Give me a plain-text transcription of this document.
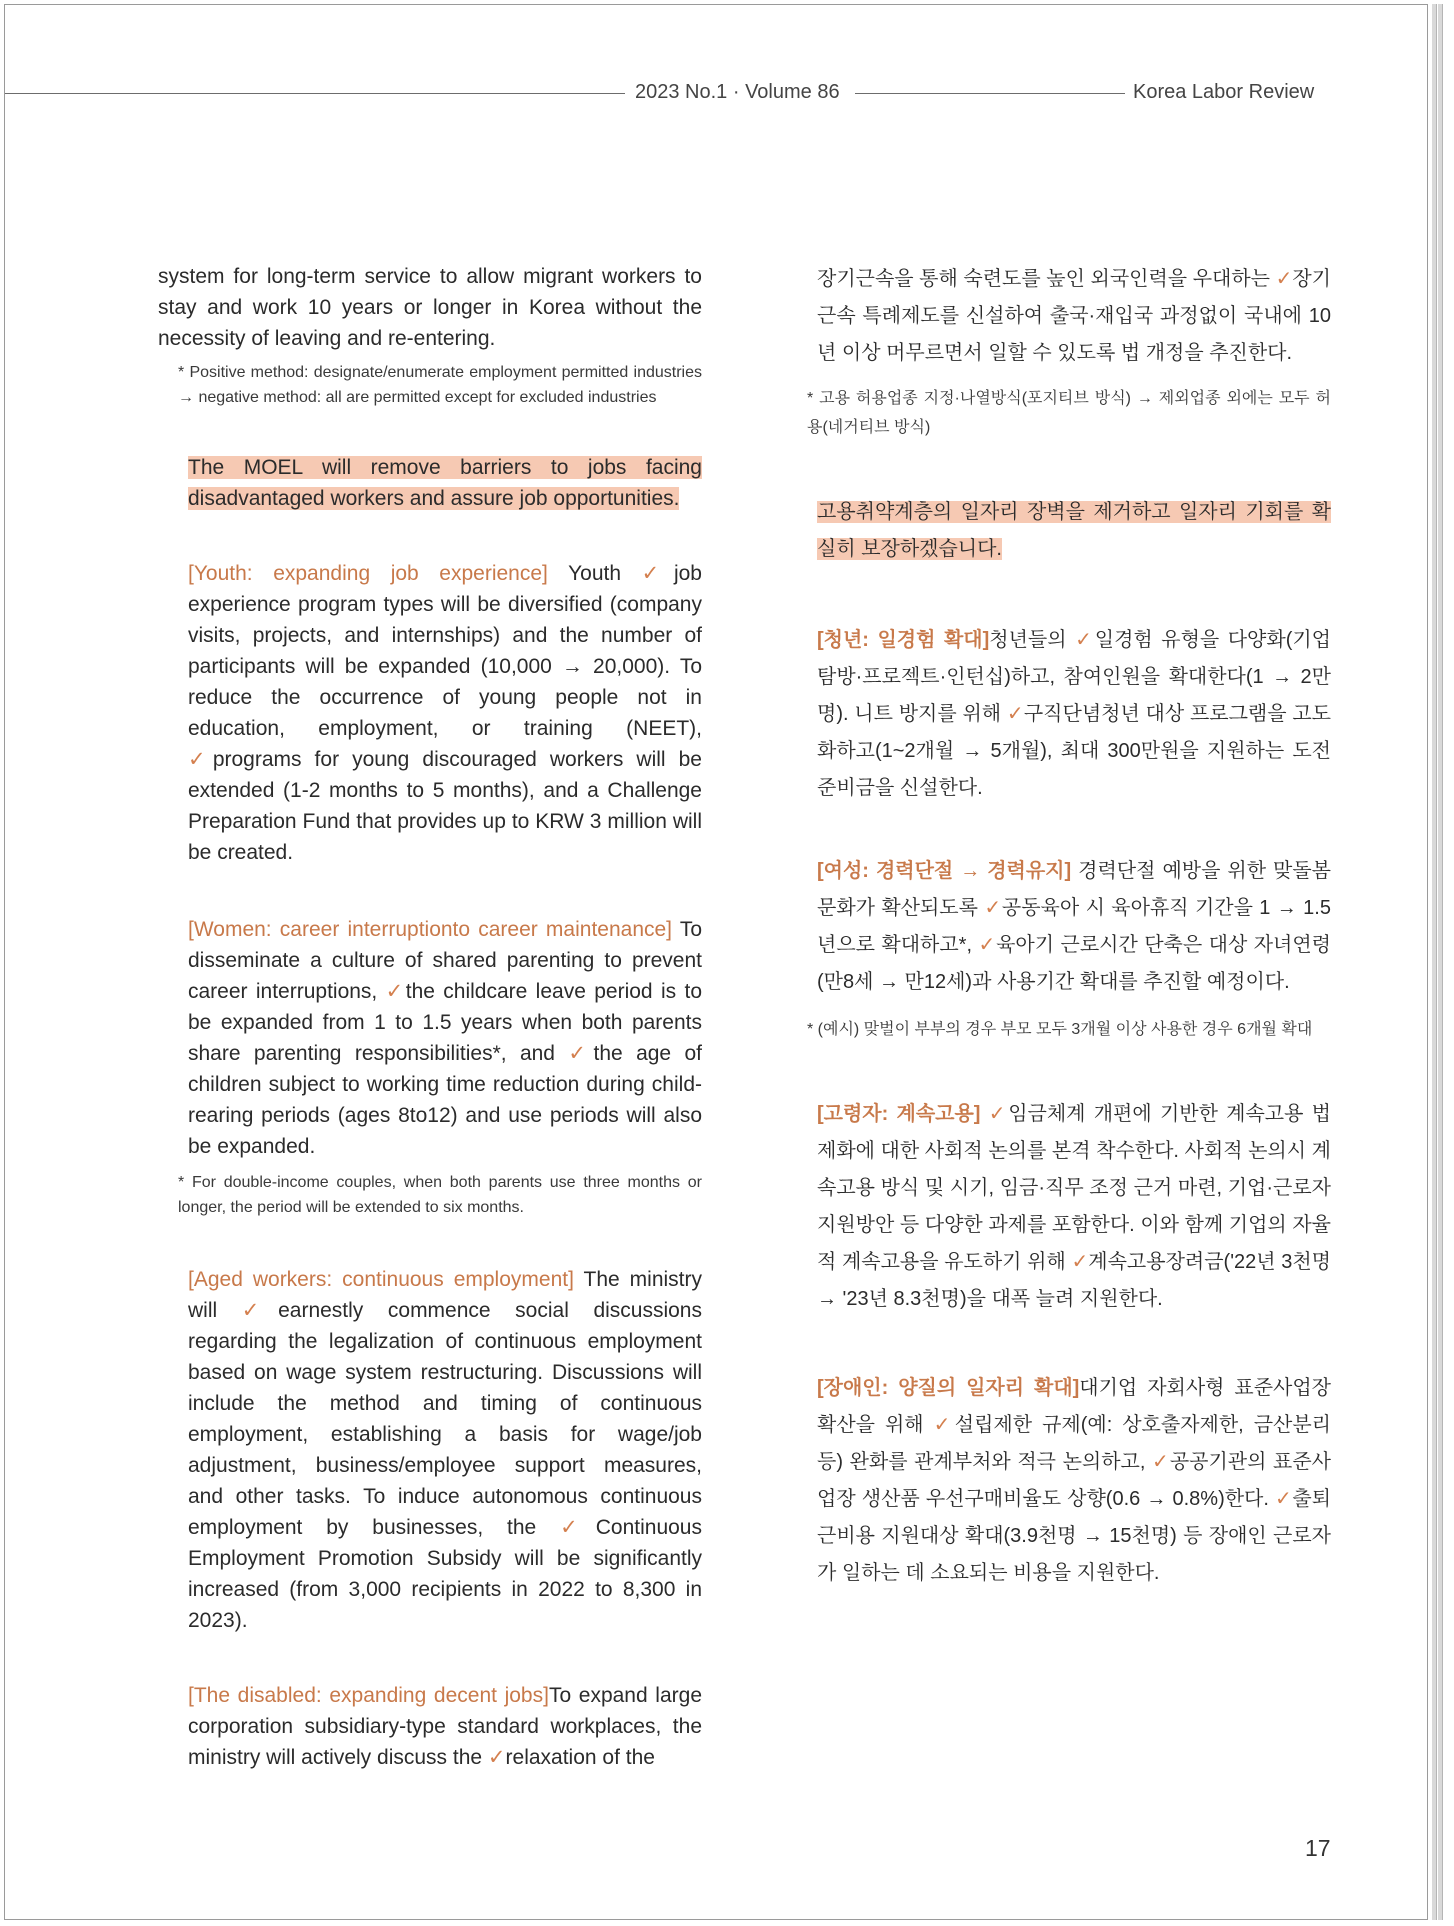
2023 No.1 · Volume 86	Korea Labor Review

system for long-term service to allow migrant workers to stay and work 10 years or longer in Korea without the necessity of leaving and re-entering.

* Positive method: designate/enumerate employment permitted industries → negative method: all are permitted except for excluded industries

The MOEL will remove barriers to jobs facing disadvantaged workers and assure job opportunities.

[Youth: expanding job experience] Youth ✓job experience program types will be diversified (company visits, projects, and internships) and the number of participants will be expanded (10,000 → 20,000). To reduce the occurrence of young people not in education, employment, or training (NEET), ✓programs for young discouraged workers will be extended (1-2 months to 5 months), and a Challenge Preparation Fund that provides up to KRW 3 million will be created.

[Women: career interruptionto career maintenance] To disseminate a culture of shared parenting to prevent career interruptions, ✓the childcare leave period is to be expanded from 1 to 1.5 years when both parents share parenting responsibilities*, and ✓the age of children subject to working time reduction during child-rearing periods (ages 8to12) and use periods will also be expanded.

* For double-income couples, when both parents use three months or longer, the period will be extended to six months.

[Aged workers: continuous employment] The ministry will ✓earnestly commence social discussions regarding the legalization of continuous employment based on wage system restructuring. Discussions will include the method and timing of continuous employment, establishing a basis for wage/job adjustment, business/employee support measures, and other tasks. To induce autonomous continuous employment by businesses, the ✓Continuous Employment Promotion Subsidy will be significantly increased (from 3,000 recipients in 2022 to 8,300 in 2023).

[The disabled: expanding decent jobs]To expand large corporation subsidiary-type standard workplaces, the ministry will actively discuss the ✓relaxation of the

장기근속을 통해 숙련도를 높인 외국인력을 우대하는 ✓장기근속 특례제도를 신설하여 출국·재입국 과정없이 국내에 10년 이상 머무르면서 일할 수 있도록 법 개정을 추진한다.

* 고용 허용업종 지정·나열방식(포지티브 방식) → 제외업종 외에는 모두 허용(네거티브 방식)

고용취약계층의 일자리 장벽을 제거하고 일자리 기회를 확실히 보장하겠습니다.

[청년: 일경험 확대]청년들의 ✓일경험 유형을 다양화(기업탐방·프로젝트·인턴십)하고, 참여인원을 확대한다(1 → 2만명). 니트 방지를 위해 ✓구직단념청년 대상 프로그램을 고도화하고(1~2개월 → 5개월), 최대 300만원을 지원하는 도전준비금을 신설한다.

[여성: 경력단절 → 경력유지] 경력단절 예방을 위한 맞돌봄 문화가 확산되도록 ✓공동육아 시 육아휴직 기간을 1 → 1.5년으로 확대하고*, ✓육아기 근로시간 단축은 대상 자녀연령(만8세 → 만12세)과 사용기간 확대를 추진할 예정이다.

* (예시) 맞벌이 부부의 경우 부모 모두 3개월 이상 사용한 경우 6개월 확대

[고령자: 계속고용] ✓임금체계 개편에 기반한 계속고용 법제화에 대한 사회적 논의를 본격 착수한다. 사회적 논의시 계속고용 방식 및 시기, 임금·직무 조정 근거 마련, 기업·근로자 지원방안 등 다양한 과제를 포함한다. 이와 함께 기업의 자율적 계속고용을 유도하기 위해 ✓계속고용장려금('22년 3천명 → '23년 8.3천명)을 대폭 늘려 지원한다.

[장애인: 양질의 일자리 확대]대기업 자회사형 표준사업장 확산을 위해 ✓설립제한 규제(예: 상호출자제한, 금산분리 등) 완화를 관계부처와 적극 논의하고, ✓공공기관의 표준사업장 생산품 우선구매비율도 상향(0.6 → 0.8%)한다. ✓출퇴근비용 지원대상 확대(3.9천명 → 15천명) 등 장애인 근로자가 일하는 데 소요되는 비용을 지원한다.

17
